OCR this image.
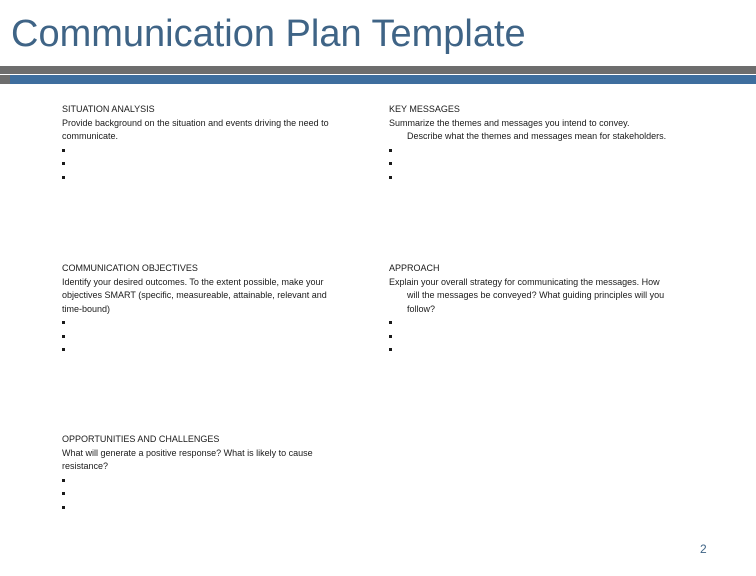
Communication Plan Template
SITUATION ANALYSIS
Provide background on the situation and events driving the need to
communicate.
KEY MESSAGES
Summarize the themes and messages you intend to convey.
Describe what the themes and messages mean for stakeholders.
COMMUNICATION OBJECTIVES
Identify your desired outcomes. To the extent possible, make your
objectives SMART (specific, measureable, attainable, relevant and
time-bound)
APPROACH
Explain your overall strategy for communicating the messages. How
will the messages be conveyed? What guiding principles will you
follow?
OPPORTUNITIES AND CHALLENGES
What will generate a positive response? What is likely to cause
resistance?
2
